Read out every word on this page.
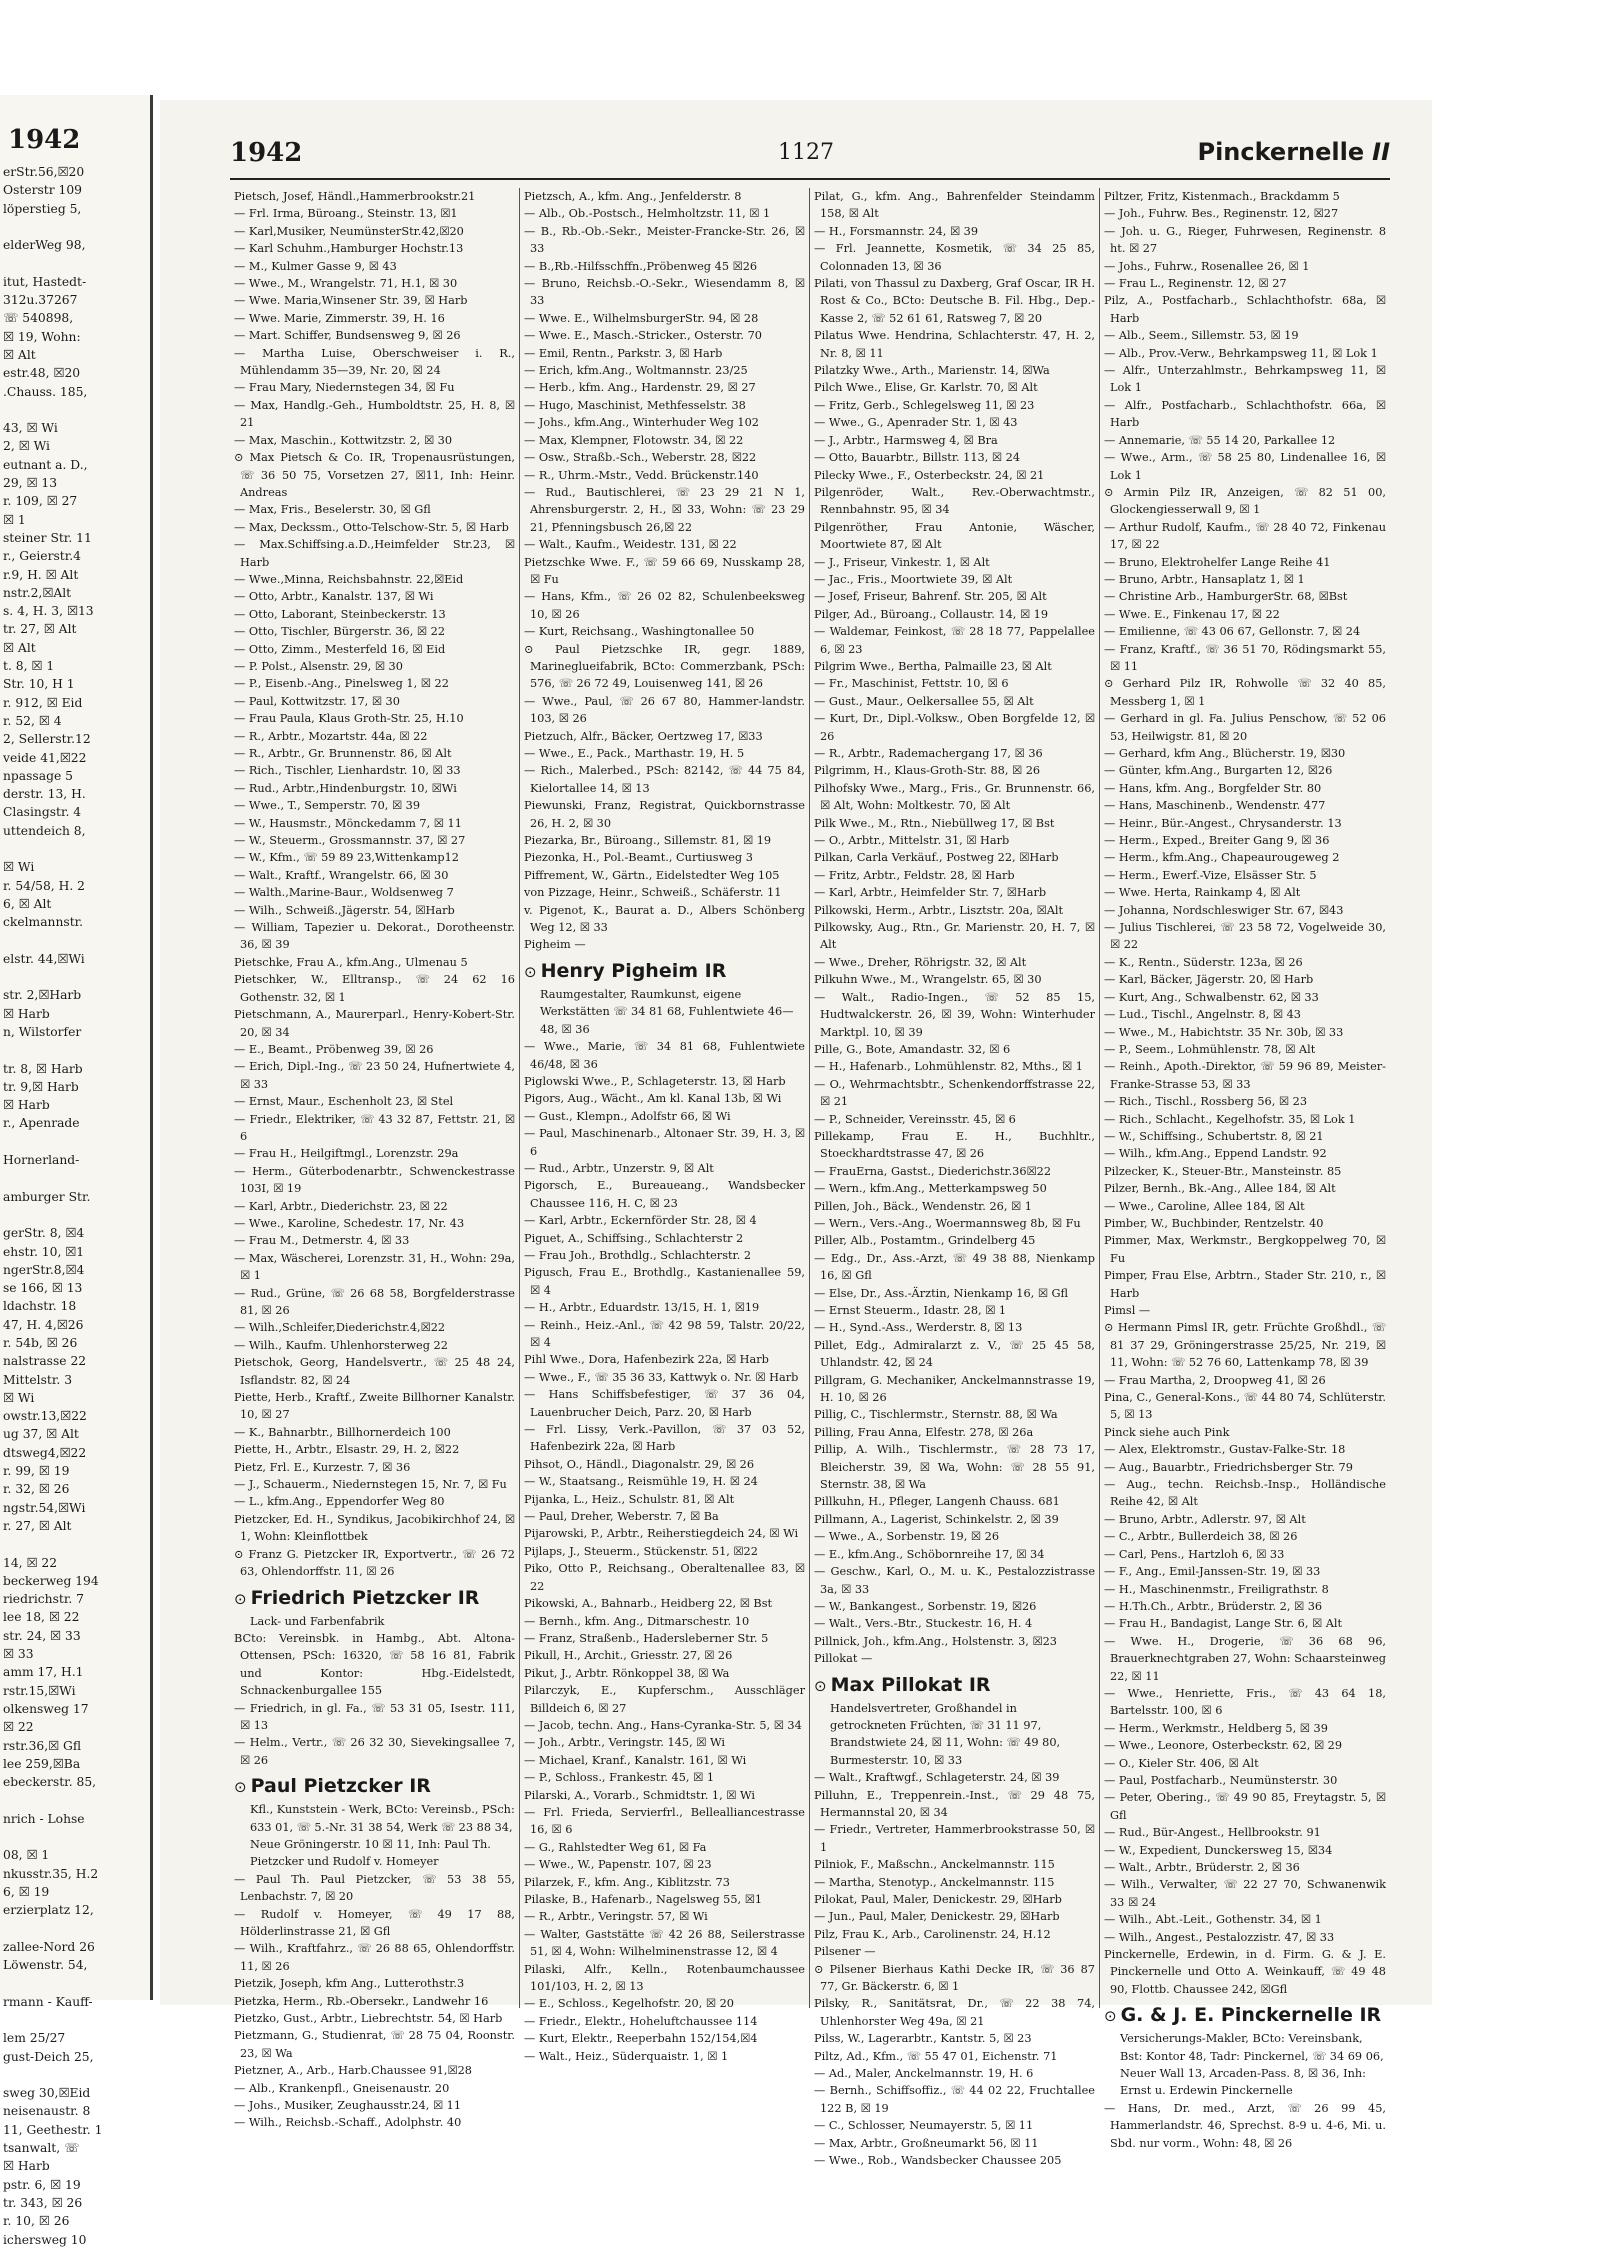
1942
erStr.56,☒20
Osterstr 109
löperstieg 5,

elderWeg 98,

itut, Hastedt-
312u.37267
☏ 540898,
☒ 19, Wohn:
☒ Alt
estr.48, ☒20
.Chauss. 185,

43, ☒ Wi
2, ☒ Wi
eutnant a. D.,
29, ☒ 13
r. 109, ☒ 27
☒ 1
steiner Str. 11
r., Geierstr.4
r.9, H. ☒ Alt
nstr.2,☒Alt
s. 4, H. 3, ☒13
tr. 27, ☒ Alt
☒ Alt
t. 8, ☒ 1
Str. 10, H 1
r. 912, ☒ Eid
r. 52, ☒ 4
2, Sellerstr.12
veide 41,☒22
npassage 5
derstr. 13, H.
Clasingstr. 4
uttendeich 8,

☒ Wi
r. 54/58, H. 2
6, ☒ Alt
ckelmannstr.

elstr. 44,☒Wi

str. 2,☒Harb
☒ Harb
n, Wilstorfer

tr. 8, ☒ Harb
tr. 9,☒ Harb
☒ Harb
r., Apenrade

Hornerland-

amburger Str.

gerStr. 8, ☒4
ehstr. 10, ☒1
ngerStr.8,☒4
se 166, ☒ 13
ldachstr. 18
47, H. 4,☒26
r. 54b, ☒ 26
nalstrasse 22
Mittelstr. 3
☒ Wi
owstr.13,☒22
ug 37, ☒ Alt
dtsweg4,☒22
r. 99, ☒ 19
r. 32, ☒ 26
ngstr.54,☒Wi
r. 27, ☒ Alt

14, ☒ 22
beckerweg 194
riedrichstr. 7
lee 18, ☒ 22
str. 24, ☒ 33
☒ 33
amm 17, H.1
rstr.15,☒Wi
olkensweg 17
☒ 22
rstr.36,☒ Gfl
lee 259,☒Ba
ebeckerstr. 85,

nrich - Lohse

08, ☒ 1
nkusstr.35, H.2
6, ☒ 19
erzierplatz 12,

zallee-Nord 26
Löwenstr. 54,

rmann - Kauff-

lem 25/27
gust-Deich 25,

sweg 30,☒Eid
neisenaustr. 8
11, Geethestr. 1
tsanwalt, ☏
☒ Harb
pstr. 6, ☒ 19
tr. 343, ☒ 26
r. 10, ☒ 26
ichersweg 10
1942	1127	Pinckernelle II
Pietsch, Josef, Händl.,Hammerbrookstr.21
— Frl. Irma, Büroang., Steinstr. 13, ☒1
— Karl,Musiker, NeumünsterStr.42,☒20
— Karl Schuhm.,Hamburger Hochstr.13
— M., Kulmer Gasse 9, ☒ 43
— Wwe., M., Wrangelstr. 71, H.1, ☒ 30
— Wwe. Maria,Winsener Str. 39, ☒ Harb
— Wwe. Marie, Zimmerstr. 39, H. 16
— Mart. Schiffer, Bundsensweg 9, ☒ 26
— Martha Luise, Oberschweiser i. R., Mühlendamm 35—39, Nr. 20, ☒ 24
— Frau Mary, Niedernstegen 34, ☒ Fu
— Max, Handlg.-Geh., Humboldtstr. 25, H. 8, ☒ 21
— Max, Maschin., Kottwitzstr. 2, ☒ 30
⊙ Max Pietsch & Co. IR, Tropenausrüstungen, ☏ 36 50 75, Vorsetzen 27, ☒11, Inh: Heinr. Andreas
— Max, Fris., Beselerstr. 30, ☒ Gfl
— Max, Deckssm., Otto-Telschow-Str. 5, ☒ Harb
— Max.Schiffsing.a.D.,Heimfelder Str.23, ☒ Harb
— Wwe.,Minna, Reichsbahnstr. 22,☒Eid
— Otto, Arbtr., Kanalstr. 137, ☒ Wi
— Otto, Laborant, Steinbeckerstr. 13
— Otto, Tischler, Bürgerstr. 36, ☒ 22
— Otto, Zimm., Mesterfeld 16, ☒ Eid
— P. Polst., Alsenstr. 29, ☒ 30
— P., Eisenb.-Ang., Pinelsweg 1, ☒ 22
— Paul, Kottwitzstr. 17, ☒ 30
— Frau Paula, Klaus Groth-Str. 25, H.10
— R., Arbtr., Mozartstr. 44a, ☒ 22
— R., Arbtr., Gr. Brunnenstr. 86, ☒ Alt
— Rich., Tischler, Lienhardstr. 10, ☒ 33
— Rud., Arbtr.,Hindenburgstr. 10, ☒Wi
— Wwe., T., Semperstr. 70, ☒ 39
— W., Hausmstr., Mönckedamm 7, ☒ 11
— W., Steuerm., Grossmannstr. 37, ☒ 27
— W., Kfm., ☏ 59 89 23,Wittenkamp12
— Walt., Kraftf., Wrangelstr. 66, ☒ 30
— Walth.,Marine-Baur., Woldsenweg 7
— Wilh., Schweiß.,Jägerstr. 54, ☒Harb
— William, Tapezier u. Dekorat., Dorotheenstr. 36, ☒ 39
Pietschke, Frau A., kfm.Ang., Ulmenau 5
Pietschker, W., Elltransp., ☏ 24 62 16 Gothenstr. 32, ☒ 1
Pietschmann, A., Maurerparl., Henry-Kobert-Str. 20, ☒ 34
— E., Beamt., Pröbenweg 39, ☒ 26
— Erich, Dipl.-Ing., ☏ 23 50 24, Hufnertwiete 4, ☒ 33
— Ernst, Maur., Eschenholt 23, ☒ Stel
— Friedr., Elektriker, ☏ 43 32 87, Fettstr. 21, ☒ 6
— Frau H., Heilgiftmgl., Lorenzstr. 29a
— Herm., Güterbodenarbtr., Schwenckestrasse 103I, ☒ 19
— Karl, Arbtr., Diederichstr. 23, ☒ 22
— Wwe., Karoline, Schedestr. 17, Nr. 43
— Frau M., Detmerstr. 4, ☒ 33
— Max, Wäscherei, Lorenzstr. 31, H., Wohn: 29a, ☒ 1
— Rud., Grüne, ☏ 26 68 58, Borgfelderstrasse 81, ☒ 26
— Wilh.,Schleifer,Diederichstr.4,☒22
— Wilh., Kaufm. Uhlenhorsterweg 22
Pietschok, Georg, Handelsvertr., ☏ 25 48 24, Isflandstr. 82, ☒ 24
Piette, Herb., Kraftf., Zweite Billhorner Kanalstr. 10, ☒ 27
— K., Bahnarbtr., Billhornerdeich 100
Piette, H., Arbtr., Elsastr. 29, H. 2, ☒22
Pietz, Frl. E., Kurzestr. 7, ☒ 36
— J., Schauerm., Niedernstegen 15, Nr. 7, ☒ Fu
— L., kfm.Ang., Eppendorfer Weg 80
Pietzcker, Ed. H., Syndikus, Jacobikirchhof 24, ☒ 1, Wohn: Kleinflottbek
⊙ Franz G. Pietzcker IR, Exportvertr., ☏ 26 72 63, Ohlendorffstr. 11, ☒ 26
⊙ Friedrich Pietzcker IR
Lack- und Farbenfabrik
BCto: Vereinsbk. in Hambg., Abt. Altona-Ottensen, PSch: 16320, ☏ 58 16 81, Fabrik und Kontor: Hbg.-Eidelstedt, Schnackenburgallee 155
— Friedrich, in gl. Fa., ☏ 53 31 05, Isestr. 111, ☒ 13
— Helm., Vertr., ☏ 26 32 30, Sievekingsallee 7, ☒ 26
⊙ Paul Pietzcker IR
Kfl., Kunststein - Werk, BCto: Vereinsb., PSch: 633 01, ☏ 5.-Nr. 31 38 54, Werk ☏ 23 88 34, Neue Gröningerstr. 10 ☒ 11, Inh: Paul Th. Pietzcker und Rudolf v. Homeyer
— Paul Th. Paul Pietzcker, ☏ 53 38 55, Lenbachstr. 7, ☒ 20
— Rudolf v. Homeyer, ☏ 49 17 88, Hölderlinstrasse 21, ☒ Gfl
— Wilh., Kraftfahrz., ☏ 26 88 65, Ohlendorffstr. 11, ☒ 26
Pietzik, Joseph, kfm Ang., Lutterothstr.3
Pietzka, Herm., Rb.-Obersekr., Landwehr 16
Pietzko, Gust., Arbtr., Liebrechtstr. 54, ☒ Harb
Pietzmann, G., Studienrat, ☏ 28 75 04, Roonstr. 23, ☒ Wa
Pietzner, A., Arb., Harb.Chaussee 91,☒28
— Alb., Krankenpfl., Gneisenaustr. 20
— Johs., Musiker, Zeughausstr.24, ☒ 11
— Wilh., Reichsb.-Schaff., Adolphstr. 40
Pietzsch, A., kfm. Ang., Jenfelderstr. 8
— Alb., Ob.-Postsch., Helmholtzstr. 11, ☒ 1
— B., Rb.-Ob.-Sekr., Meister-Francke-Str. 26, ☒ 33
— B.,Rb.-Hilfsschffn.,Pröbenweg 45 ☒26
— Bruno, Reichsb.-O.-Sekr., Wiesendamm 8, ☒ 33
— Wwe. E., WilhelmsburgerStr. 94, ☒ 28
— Wwe. E., Masch.-Stricker., Osterstr. 70
— Emil, Rentn., Parkstr. 3, ☒ Harb
— Erich, kfm.Ang., Woltmannstr. 23/25
— Herb., kfm. Ang., Hardenstr. 29, ☒ 27
— Hugo, Maschinist, Methfesselstr. 38
— Johs., kfm.Ang., Winterhuder Weg 102
— Max, Klempner, Flotowstr. 34, ☒ 22
— Osw., Straßb.-Sch., Weberstr. 28, ☒22
— R., Uhrm.-Mstr., Vedd. Brückenstr.140
— Rud., Bautischlerei, ☏ 23 29 21 N 1, Ahrensburgerstr. 2, H., ☒ 33, Wohn: ☏ 23 29 21, Pfenningsbusch 26,☒ 22
— Walt., Kaufm., Weidestr. 131, ☒ 22
Pietzschke Wwe. F., ☏ 59 66 69, Nusskamp 28, ☒ Fu
— Hans, Kfm., ☏ 26 02 82, Schulenbeeksweg 10, ☒ 26
— Kurt, Reichsang., Washingtonallee 50
⊙ Paul Pietzschke IR, gegr. 1889, Marineglueifabrik, BCto: Commerzbank, PSch: 576, ☏ 26 72 49, Louisenweg 141, ☒ 26
— Wwe., Paul, ☏ 26 67 80, Hammer-landstr. 103, ☒ 26
Pietzuch, Alfr., Bäcker, Oertzweg 17, ☒33
— Wwe., E., Pack., Marthastr. 19, H. 5
— Rich., Malerbed., PSch: 82142, ☏ 44 75 84, Kielortallee 14, ☒ 13
Piewunski, Franz, Registrat, Quickbornstrasse 26, H. 2, ☒ 30
Piezarka, Br., Büroang., Sillemstr. 81, ☒ 19
Piezonka, H., Pol.-Beamt., Curtiusweg 3
Piffrement, W., Gärtn., Eidelstedter Weg 105
von Pizzage, Heinr., Schweiß., Schäferstr. 11
v. Pigenot, K., Baurat a. D., Albers Schönberg Weg 12, ☒ 33
Pigheim —
⊙ Henry Pigheim IR
Raumgestalter, Raumkunst, eigene Werkstätten ☏ 34 81 68, Fuhlentwiete 46—48, ☒ 36
— Wwe., Marie, ☏ 34 81 68, Fuhlentwiete 46/48, ☒ 36
Piglowski Wwe., P., Schlageterstr. 13, ☒ Harb
Pigors, Aug., Wächt., Am kl. Kanal 13b, ☒ Wi
— Gust., Klempn., Adolfstr 66, ☒ Wi
— Paul, Maschinenarb., Altonaer Str. 39, H. 3, ☒ 6
— Rud., Arbtr., Unzerstr. 9, ☒ Alt
Pigorsch, E., Bureaueang., Wandsbecker Chaussee 116, H. C, ☒ 23
— Karl, Arbtr., Eckernförder Str. 28, ☒ 4
Piguet, A., Schiffsing., Schlachterstr 2
— Frau Joh., Brothdlg., Schlachterstr. 2
Pigusch, Frau E., Brothdlg., Kastanienallee 59, ☒ 4
— H., Arbtr., Eduardstr. 13/15, H. 1, ☒19
— Reinh., Heiz.-Anl., ☏ 42 98 59, Talstr. 20/22, ☒ 4
Pihl Wwe., Dora, Hafenbezirk 22a, ☒ Harb
— Wwe., F., ☏ 35 36 33, Kattwyk o. Nr. ☒ Harb
— Hans Schiffsbefestiger, ☏ 37 36 04, Lauenbrucher Deich, Parz. 20, ☒ Harb
— Frl. Lissy, Verk.-Pavillon, ☏ 37 03 52, Hafenbezirk 22a, ☒ Harb
Pihsot, O., Händl., Diagonalstr. 29, ☒ 26
— W., Staatsang., Reismühle 19, H. ☒ 24
Pijanka, L., Heiz., Schulstr. 81, ☒ Alt
— Paul, Dreher, Weberstr. 7, ☒ Ba
Pijarowski, P., Arbtr., Reiherstiegdeich 24, ☒ Wi
Pijlaps, J., Steuerm., Stückenstr. 51, ☒22
Piko, Otto P., Reichsang., Oberaltenallee 83, ☒ 22
Pikowski, A., Bahnarb., Heidberg 22, ☒ Bst
— Bernh., kfm. Ang., Ditmarschestr. 10
— Franz, Straßenb., Hadersleberner Str. 5
Pikull, H., Archit., Griesstr. 27, ☒ 26
Pikut, J., Arbtr. Rönkoppel 38, ☒ Wa
Pilarczyk, E., Kupferschm., Ausschläger Billdeich 6, ☒ 27
— Jacob, techn. Ang., Hans-Cyranka-Str. 5, ☒ 34
— Joh., Arbtr., Veringstr. 145, ☒ Wi
— Michael, Kranf., Kanalstr. 161, ☒ Wi
— P., Schloss., Frankestr. 45, ☒ 1
Pilarski, A., Vorarb., Schmidtstr. 1, ☒ Wi
— Frl. Frieda, Servierfrl., Bellealliancestrasse 16, ☒ 6
— G., Rahlstedter Weg 61, ☒ Fa
— Wwe., W., Papenstr. 107, ☒ 23
Pilarzek, F., kfm. Ang., Kiblitzstr. 73
Pilaske, B., Hafenarb., Nagelsweg 55, ☒1
— R., Arbtr., Veringstr. 57, ☒ Wi
— Walter, Gaststätte ☏ 42 26 88, Seilerstrasse 51, ☒ 4, Wohn: Wilhelminenstrasse 12, ☒ 4
Pilaski, Alfr., Kelln., Rotenbaumchaussee 101/103, H. 2, ☒ 13
— E., Schloss., Kegelhofstr. 20, ☒ 20
— Friedr., Elektr., Hoheluftchaussee 114
— Kurt, Elektr., Reeperbahn 152/154,☒4
— Walt., Heiz., Süderquaistr. 1, ☒ 1
Pilat, G., kfm. Ang., Bahrenfelder Steindamm 158, ☒ Alt
— H., Forsmannstr. 24, ☒ 39
— Frl. Jeannette, Kosmetik, ☏ 34 25 85, Colonnaden 13, ☒ 36
Pilati, von Thassul zu Daxberg, Graf Oscar, IR H. Rost & Co., BCto: Deutsche B. Fil. Hbg., Dep.-Kasse 2, ☏ 52 61 61, Ratsweg 7, ☒ 20
Pilatus Wwe. Hendrina, Schlachterstr. 47, H. 2, Nr. 8, ☒ 11
Pilatzky Wwe., Arth., Marienstr. 14, ☒Wa
Pilch Wwe., Elise, Gr. Karlstr. 70, ☒ Alt
— Fritz, Gerb., Schlegelsweg 11, ☒ 23
— Wwe., G., Apenrader Str. 1, ☒ 43
— J., Arbtr., Harmsweg 4, ☒ Bra
— Otto, Bauarbtr., Billstr. 113, ☒ 24
Pilecky Wwe., F., Osterbeckstr. 24, ☒ 21
Pilgenröder, Walt., Rev.-Oberwachtmstr., Rennbahnstr. 95, ☒ 34
Pilgenröther, Frau Antonie, Wäscher, Moortwiete 87, ☒ Alt
— J., Friseur, Vinkestr. 1, ☒ Alt
— Jac., Fris., Moortwiete 39, ☒ Alt
— Josef, Friseur, Bahrenf. Str. 205, ☒ Alt
Pilger, Ad., Büroang., Collaustr. 14, ☒ 19
— Waldemar, Feinkost, ☏ 28 18 77, Pappelallee 6, ☒ 23
Pilgrim Wwe., Bertha, Palmaille 23, ☒ Alt
— Fr., Maschinist, Fettstr. 10, ☒ 6
— Gust., Maur., Oelkersallee 55, ☒ Alt
— Kurt, Dr., Dipl.-Volksw., Oben Borgfelde 12, ☒ 26
— R., Arbtr., Rademachergang 17, ☒ 36
Pilgrimm, H., Klaus-Groth-Str. 88, ☒ 26
Pilhofsky Wwe., Marg., Fris., Gr. Brunnenstr. 66, ☒ Alt, Wohn: Moltkestr. 70, ☒ Alt
Pilk Wwe., M., Rtn., Niebüllweg 17, ☒ Bst
— O., Arbtr., Mittelstr. 31, ☒ Harb
Pilkan, Carla Verkäuf., Postweg 22, ☒Harb
— Fritz, Arbtr., Feldstr. 28, ☒ Harb
— Karl, Arbtr., Heimfelder Str. 7, ☒Harb
Pilkowski, Herm., Arbtr., Lisztstr. 20a, ☒Alt
Pilkowsky, Aug., Rtn., Gr. Marienstr. 20, H. 7, ☒ Alt
— Wwe., Dreher, Röhrigstr. 32, ☒ Alt
Pilkuhn Wwe., M., Wrangelstr. 65, ☒ 30
— Walt., Radio-Ingen., ☏ 52 85 15, Hudtwalckerstr. 26, ☒ 39, Wohn: Winterhuder Marktpl. 10, ☒ 39
Pille, G., Bote, Amandastr. 32, ☒ 6
— H., Hafenarb., Lohmühlenstr. 82, Mths., ☒ 1
— O., Wehrmachtsbtr., Schenkendorffstrasse 22, ☒ 21
— P., Schneider, Vereinsstr. 45, ☒ 6
Pillekamp, Frau E. H., Buchhltr., Stoeckhardtstrasse 47, ☒ 26
— FrauErna, Gastst., Diederichstr.36☒22
— Wern., kfm.Ang., Metterkampsweg 50
Pillen, Joh., Bäck., Wendenstr. 26, ☒ 1
— Wern., Vers.-Ang., Woermannsweg 8b, ☒ Fu
Piller, Alb., Postamtm., Grindelberg 45
— Edg., Dr., Ass.-Arzt, ☏ 49 38 88, Nienkamp 16, ☒ Gfl
— Else, Dr., Ass.-Ärztin, Nienkamp 16, ☒ Gfl
— Ernst Steuerm., Idastr. 28, ☒ 1
— H., Synd.-Ass., Werderstr. 8, ☒ 13
Pillet, Edg., Admiralarzt z. V., ☏ 25 45 58, Uhlandstr. 42, ☒ 24
Pillgram, G. Mechaniker, Anckelmannstrasse 19, H. 10, ☒ 26
Pillig, C., Tischlermstr., Sternstr. 88, ☒ Wa
Pilling, Frau Anna, Elfestr. 278, ☒ 26a
Pillip, A. Wilh., Tischlermstr., ☏ 28 73 17, Bleicherstr. 39, ☒ Wa, Wohn: ☏ 28 55 91, Sternstr. 38, ☒ Wa
Pillkuhn, H., Pfleger, Langenh Chauss. 681
Pillmann, A., Lagerist, Schinkelstr. 2, ☒ 39
— Wwe., A., Sorbenstr. 19, ☒ 26
— E., kfm.Ang., Schöbornreihe 17, ☒ 34
— Geschw., Karl, O., M. u. K., Pestalozzistrasse 3a, ☒ 33
— W., Bankangest., Sorbenstr. 19, ☒26
— Walt., Vers.-Btr., Stuckestr. 16, H. 4
Pillnick, Joh., kfm.Ang., Holstenstr. 3, ☒23
Pillokat —
⊙ Max Pillokat IR
Handelsvertreter, Großhandel in getrockneten Früchten, ☏ 31 11 97, Brandstwiete 24, ☒ 11, Wohn: ☏ 49 80, Burmesterstr. 10, ☒ 33
— Walt., Kraftwgf., Schlageterstr. 24, ☒ 39
Pilluhn, E., Treppenrein.-Inst., ☏ 29 48 75, Hermannstal 20, ☒ 34
— Friedr., Vertreter, Hammerbrookstrasse 50, ☒ 1
Pilniok, F., Maßschn., Anckelmannstr. 115
— Martha, Stenotyp., Anckelmannstr. 115
Pilokat, Paul, Maler, Denickestr. 29, ☒Harb
— Jun., Paul, Maler, Denickestr. 29, ☒Harb
Pilz, Frau K., Arb., Carolinenstr. 24, H.12
Pilsener —
⊙ Pilsener Bierhaus Kathi Decke IR, ☏ 36 87 77, Gr. Bäckerstr. 6, ☒ 1
Pilsky, R., Sanitätsrat, Dr., ☏ 22 38 74, Uhlenhorster Weg 49a, ☒ 21
Pilss, W., Lagerarbtr., Kantstr. 5, ☒ 23
Piltz, Ad., Kfm., ☏ 55 47 01, Eichenstr. 71
— Ad., Maler, Anckelmannstr. 19, H. 6
— Bernh., Schiffsoffiz., ☏ 44 02 22, Fruchtallee 122 B, ☒ 19
— C., Schlosser, Neumayerstr. 5, ☒ 11
— Max, Arbtr., Großneumarkt 56, ☒ 11
— Wwe., Rob., Wandsbecker Chaussee 205
Piltzer, Fritz, Kistenmach., Brackdamm 5
— Joh., Fuhrw. Bes., Reginenstr. 12, ☒27
— Joh. u. G., Rieger, Fuhrwesen, Reginenstr. 8 ht. ☒ 27
— Johs., Fuhrw., Rosenallee 26, ☒ 1
— Frau L., Reginenstr. 12, ☒ 27
Pilz, A., Postfacharb., Schlachthofstr. 68a, ☒ Harb
— Alb., Seem., Sillemstr. 53, ☒ 19
— Alb., Prov.-Verw., Behrkampsweg 11, ☒ Lok 1
— Alfr., Unterzahlmstr., Behrkampsweg 11, ☒ Lok 1
— Alfr., Postfacharb., Schlachthofstr. 66a, ☒ Harb
— Annemarie, ☏ 55 14 20, Parkallee 12
— Wwe., Arm., ☏ 58 25 80, Lindenallee 16, ☒ Lok 1
⊙ Armin Pilz IR, Anzeigen, ☏ 82 51 00, Glockengiesserwall 9, ☒ 1
— Arthur Rudolf, Kaufm., ☏ 28 40 72, Finkenau 17, ☒ 22
— Bruno, Elektrohelfer Lange Reihe 41
— Bruno, Arbtr., Hansaplatz 1, ☒ 1
— Christine Arb., HamburgerStr. 68, ☒Bst
— Wwe. E., Finkenau 17, ☒ 22
— Emilienne, ☏ 43 06 67, Gellonstr. 7, ☒ 24
— Franz, Kraftf., ☏ 36 51 70, Rödingsmarkt 55, ☒ 11
⊙ Gerhard Pilz IR, Rohwolle ☏ 32 40 85, Messberg 1, ☒ 1
— Gerhard in gl. Fa. Julius Penschow, ☏ 52 06 53, Heilwigstr. 81, ☒ 20
— Gerhard, kfm Ang., Blücherstr. 19, ☒30
— Günter, kfm.Ang., Burgarten 12, ☒26
— Hans, kfm. Ang., Borgfelder Str. 80
— Hans, Maschinenb., Wendenstr. 477
— Heinr., Bür.-Angest., Chrysanderstr. 13
— Herm., Exped., Breiter Gang 9, ☒ 36
— Herm., kfm.Ang., Chapeaurougeweg 2
— Herm., Ewerf.-Vize, Elsässer Str. 5
— Wwe. Herta, Rainkamp 4, ☒ Alt
— Johanna, Nordschleswiger Str. 67, ☒43
— Julius Tischlerei, ☏ 23 58 72, Vogelweide 30, ☒ 22
— K., Rentn., Süderstr. 123a, ☒ 26
— Karl, Bäcker, Jägerstr. 20, ☒ Harb
— Kurt, Ang., Schwalbenstr. 62, ☒ 33
— Lud., Tischl., Angelnstr. 8, ☒ 43
— Wwe., M., Habichtstr. 35 Nr. 30b, ☒ 33
— P., Seem., Lohmühlenstr. 78, ☒ Alt
— Reinh., Apoth.-Direktor, ☏ 59 96 89, Meister-Franke-Strasse 53, ☒ 33
— Rich., Tischl., Rossberg 56, ☒ 23
— Rich., Schlacht., Kegelhofstr. 35, ☒ Lok 1
— W., Schiffsing., Schubertstr. 8, ☒ 21
— Wilh., kfm.Ang., Eppend Landstr. 92
Pilzecker, K., Steuer-Btr., Mansteinstr. 85
Pilzer, Bernh., Bk.-Ang., Allee 184, ☒ Alt
— Wwe., Caroline, Allee 184, ☒ Alt
Pimber, W., Buchbinder, Rentzelstr. 40
Pimmer, Max, Werkmstr., Bergkoppelweg 70, ☒ Fu
Pimper, Frau Else, Arbtrn., Stader Str. 210, r., ☒ Harb
Pimsl —
⊙ Hermann Pimsl IR, getr. Früchte Großhdl., ☏ 81 37 29, Gröningerstrasse 25/25, Nr. 219, ☒ 11, Wohn: ☏ 52 76 60, Lattenkamp 78, ☒ 39
— Frau Martha, 2, Droopweg 41, ☒ 26
Pina, C., General-Kons., ☏ 44 80 74, Schlüterstr. 5, ☒ 13
Pinck siehe auch Pink
— Alex, Elektromstr., Gustav-Falke-Str. 18
— Aug., Bauarbtr., Friedrichsberger Str. 79
— Aug., techn. Reichsb.-Insp., Holländische Reihe 42, ☒ Alt
— Bruno, Arbtr., Adlerstr. 97, ☒ Alt
— C., Arbtr., Bullerdeich 38, ☒ 26
— Carl, Pens., Hartzloh 6, ☒ 33
— F., Ang., Emil-Janssen-Str. 19, ☒ 33
— H., Maschinenmstr., Freiligrathstr. 8
— H.Th.Ch., Arbtr., Brüderstr. 2, ☒ 36
— Frau H., Bandagist, Lange Str. 6, ☒ Alt
— Wwe. H., Drogerie, ☏ 36 68 96, Brauerknechtgraben 27, Wohn: Schaarsteinweg 22, ☒ 11
— Wwe., Henriette, Fris., ☏ 43 64 18, Bartelsstr. 100, ☒ 6
— Herm., Werkmstr., Heldberg 5, ☒ 39
— Wwe., Leonore, Osterbeckstr. 62, ☒ 29
— O., Kieler Str. 406, ☒ Alt
— Paul, Postfacharb., Neumünsterstr. 30
— Peter, Obering., ☏ 49 90 85, Freytagstr. 5, ☒ Gfl
— Rud., Bür-Angest., Hellbrookstr. 91
— W., Expedient, Dunckersweg 15, ☒34
— Walt., Arbtr., Brüderstr. 2, ☒ 36
— Wilh., Verwalter, ☏ 22 27 70, Schwanenwik 33 ☒ 24
— Wilh., Abt.-Leit., Gothenstr. 34, ☒ 1
— Wilh., Angest., Pestalozzistr. 47, ☒ 33
Pinckernelle, Erdewin, in d. Firm. G. & J. E. Pinckernelle und Otto A. Weinkauff, ☏ 49 48 90, Flottb. Chaussee 242, ☒Gfl
⊙ G. & J. E. Pinckernelle IR
Versicherungs-Makler, BCto: Vereinsbank, Bst: Kontor 48, Tadr: Pinckernel, ☏ 34 69 06, Neuer Wall 13, Arcaden-Pass. 8, ☒ 36, Inh: Ernst u. Erdewin Pinckernelle
— Hans, Dr. med., Arzt, ☏ 26 99 45, Hammerlandstr. 46, Sprechst. 8-9 u. 4-6, Mi. u. Sbd. nur vorm., Wohn: 48, ☒ 26
